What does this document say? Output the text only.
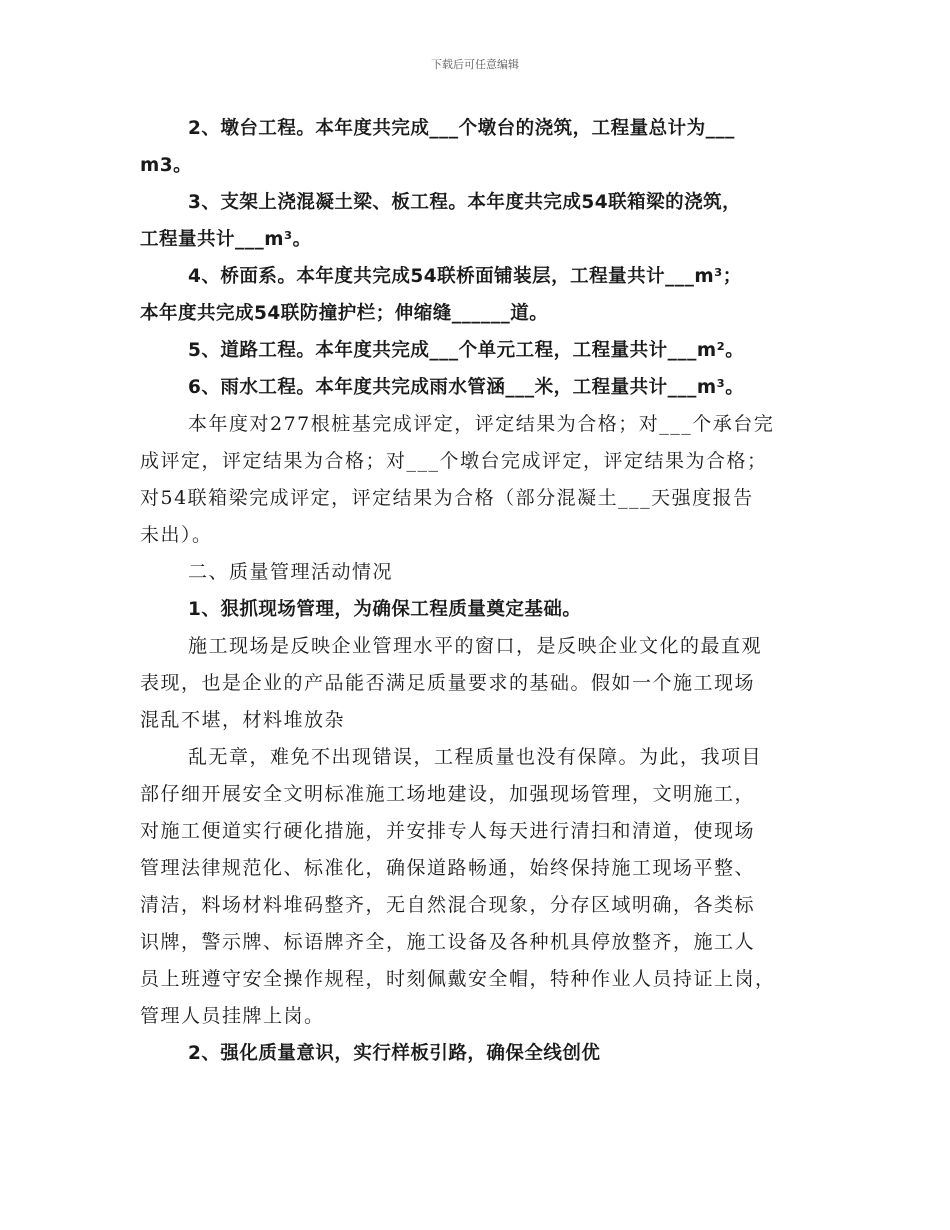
下载后可任意编辑
2、墩台工程。本年度共完成___个墩台的浇筑，工程量总计为___
m3。
3、支架上浇混凝土梁、板工程。本年度共完成54联箱梁的浇筑，
工程量共计___m³。
4、桥面系。本年度共完成54联桥面铺装层，工程量共计___m³；
本年度共完成54联防撞护栏；伸缩缝______道。
5、道路工程。本年度共完成___个单元工程，工程量共计___m²。
6、雨水工程。本年度共完成雨水管涵___米，工程量共计___m³。
本年度对277根桩基完成评定，评定结果为合格；对___个承台完
成评定，评定结果为合格；对___个墩台完成评定，评定结果为合格；
对54联箱梁完成评定，评定结果为合格（部分混凝土___天强度报告
未出）。
二、质量管理活动情况
1、狠抓现场管理，为确保工程质量奠定基础。
施工现场是反映企业管理水平的窗口，是反映企业文化的最直观
表现，也是企业的产品能否满足质量要求的基础。假如一个施工现场
混乱不堪，材料堆放杂
乱无章，难免不出现错误，工程质量也没有保障。为此，我项目
部仔细开展安全文明标准施工场地建设，加强现场管理，文明施工，
对施工便道实行硬化措施，并安排专人每天进行清扫和清道，使现场
管理法律规范化、标准化，确保道路畅通，始终保持施工现场平整、
清洁，料场材料堆码整齐，无自然混合现象，分存区域明确，各类标
识牌，警示牌、标语牌齐全，施工设备及各种机具停放整齐，施工人
员上班遵守安全操作规程，时刻佩戴安全帽，特种作业人员持证上岗，
管理人员挂牌上岗。
2、强化质量意识，实行样板引路，确保全线创优
